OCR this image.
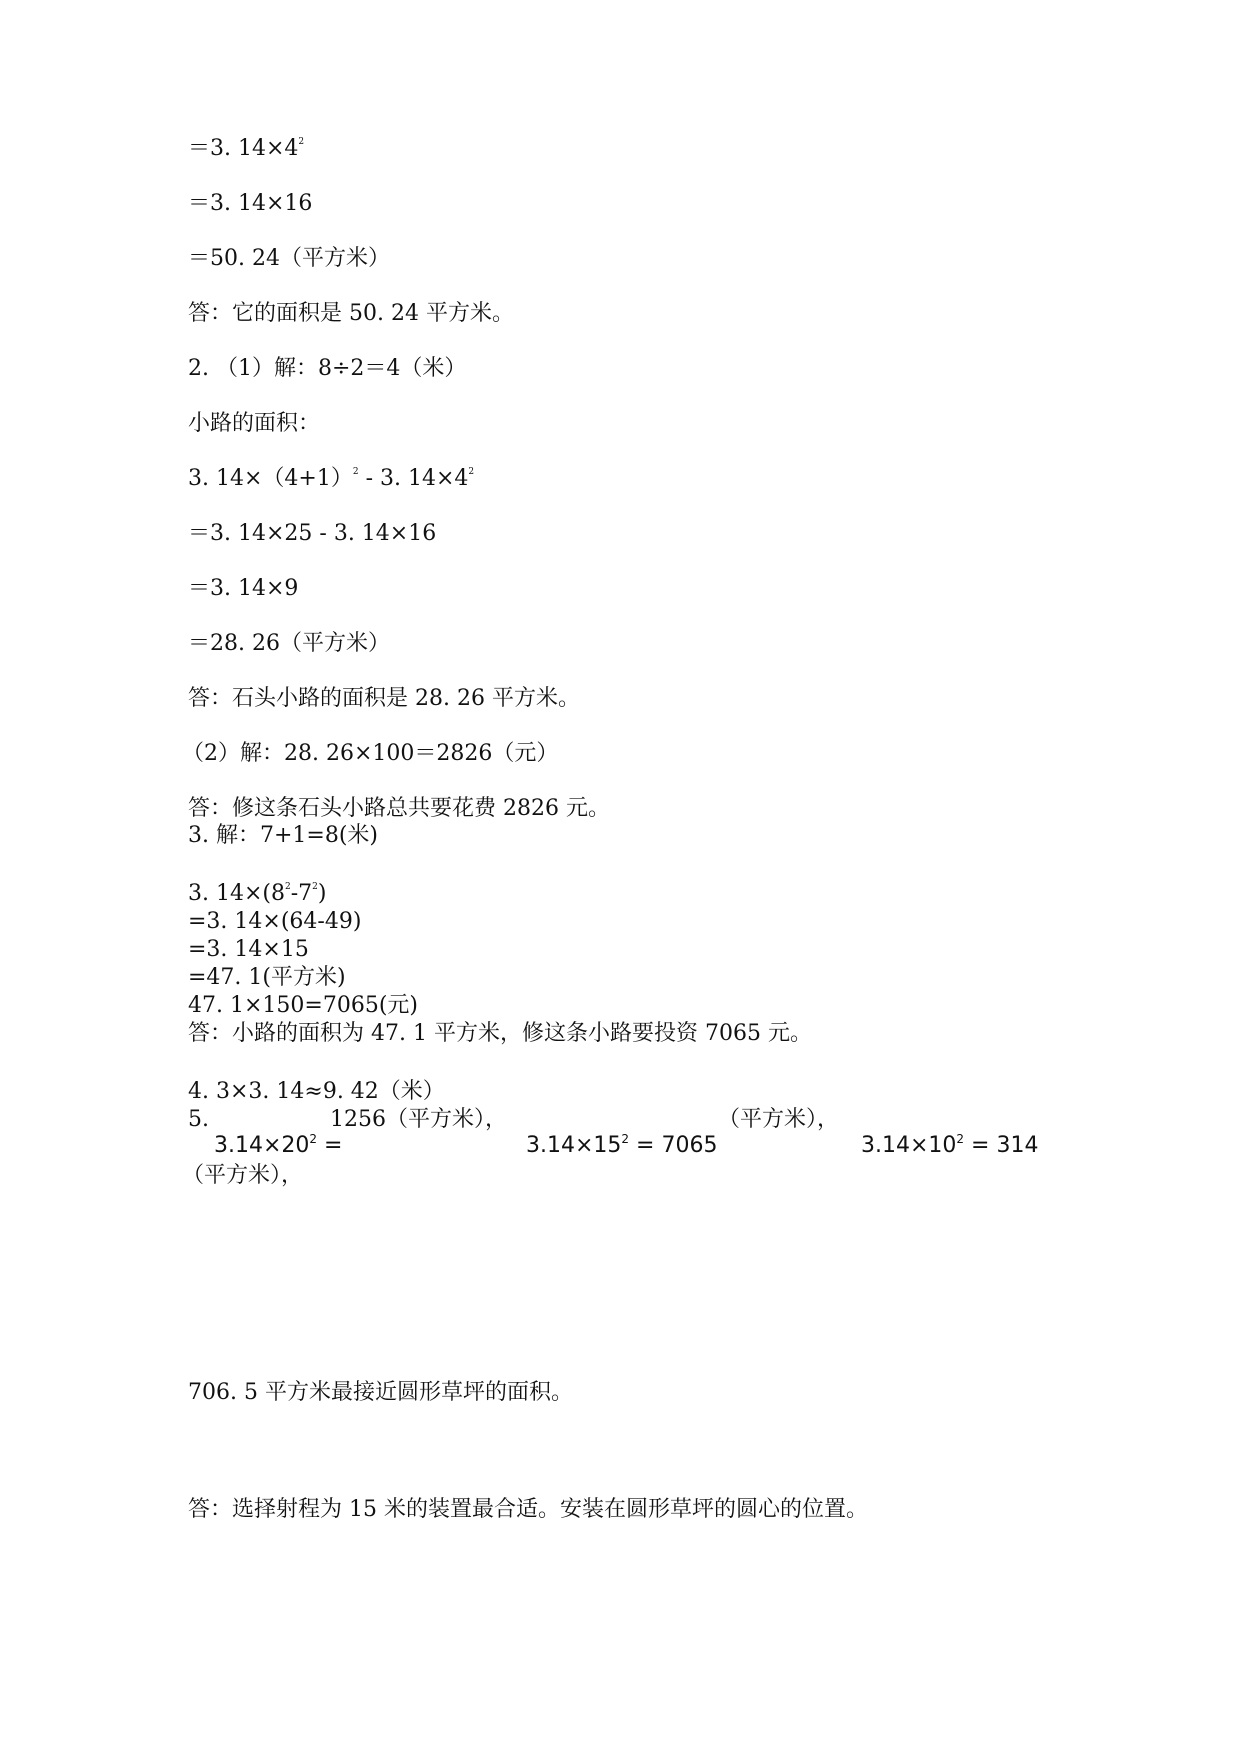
＝3. $14\times 4^2$
＝3. 14×16
＝50. 24（平方米）
答：它的面积是 50. 24 平方米。
2. （1）解：8÷2＝4（米）
小路的面积：
3. $14\times(4+1)^2 - 3$. $14\times 4^2$
＝3. 14×25 - 3. 14×16
＝3. 14×9
＝28. 26（平方米）
答：石头小路的面积是 28. 26 平方米。
（2）解：28. 26×100＝2826（元）
答：修这条石头小路总共要花费 2826 元。
3. 解：7+1=8(米)
3. $14\times(8^2-7^2)$
=3. 14×(64-49)
=3. 14×15
=47. 1(平方米)
47. 1×150=7065(元)
答：小路的面积为 47. 1 平方米，修这条小路要投资 7065 元。
4. 3×3. 14≈9. 42（米）
5.	1256（平方米），	（平方米），
$3.14\times 20^2$ =	$3.14\times 15^2 = 7065$	$3.14\times 10^2 = 314$
（平方米），
706. 5 平方米最接近圆形草坪的面积。
答：选择射程为 15 米的装置最合适。安装在圆形草坪的圆心的位置。
